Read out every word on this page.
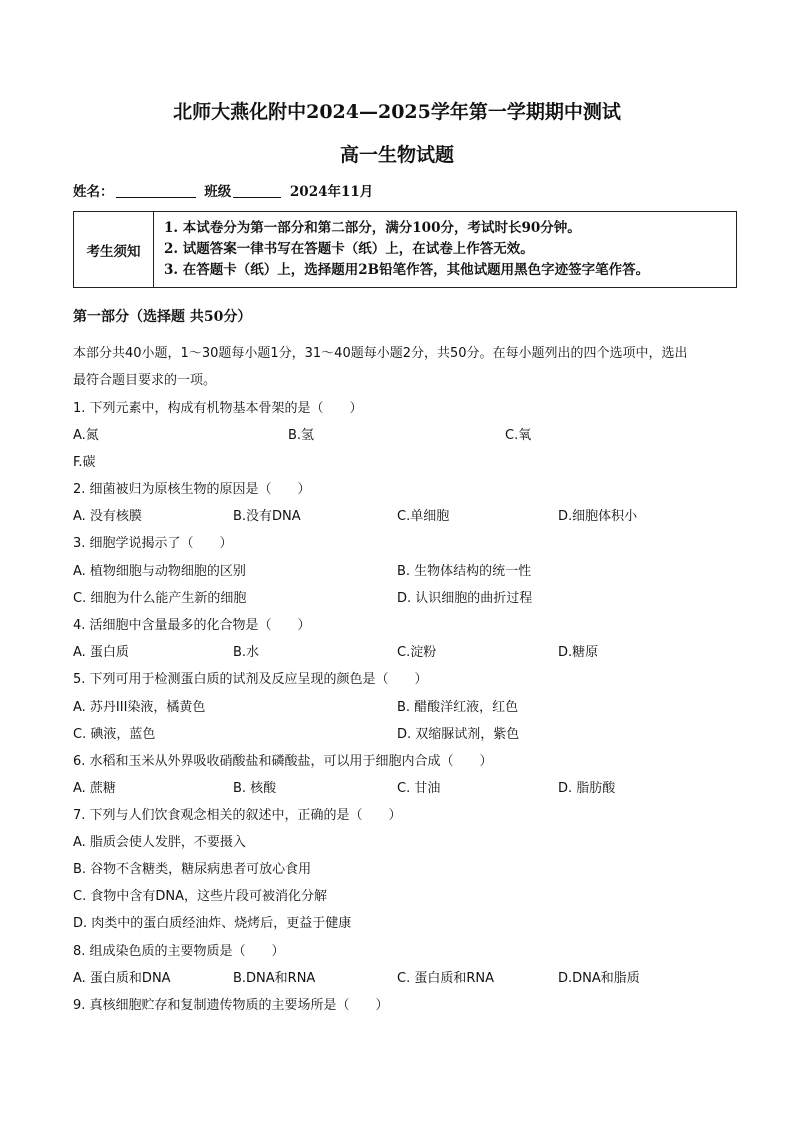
北师大燕化附中2024—2025学年第一学期期中测试
高一生物试题
姓名：	班级	2024年11月
考生须知
1. 本试卷分为第一部分和第二部分，满分100分，考试时长90分钟。
2. 试题答案一律书写在答题卡（纸）上，在试卷上作答无效。
3. 在答题卡（纸）上，选择题用2B铅笔作答，其他试题用黑色字迹签字笔作答。
第一部分（选择题 共50分）
本部分共40小题，1～30题每小题1分，31～40题每小题2分，共50分。在每小题列出的四个选项中，选出
最符合题目要求的一项。
1. 下列元素中，构成有机物基本骨架的是（　　）
A.氮	B.氢	C.氧
F.碳
2. 细菌被归为原核生物的原因是（　　）
A. 没有核膜	B.没有DNA	C.单细胞	D.细胞体积小
3. 细胞学说揭示了（　　）
A. 植物细胞与动物细胞的区别	B. 生物体结构的统一性
C. 细胞为什么能产生新的细胞	D. 认识细胞的曲折过程
4. 活细胞中含量最多的化合物是（　　）
A. 蛋白质	B.水	C.淀粉	D.糖原
5. 下列可用于检测蛋白质的试剂及反应呈现的颜色是（　　）
A. 苏丹III染液，橘黄色	B. 醋酸洋红液，红色
C. 碘液，蓝色	D. 双缩脲试剂，紫色
6. 水稻和玉米从外界吸收硝酸盐和磷酸盐，可以用于细胞内合成（　　）
A. 蔗糖	B. 核酸	C. 甘油	D. 脂肪酸
7. 下列与人们饮食观念相关的叙述中，正确的是（　　）
A. 脂质会使人发胖，不要摄入
B. 谷物不含糖类，糖尿病患者可放心食用
C. 食物中含有DNA，这些片段可被消化分解
D. 肉类中的蛋白质经油炸、烧烤后，更益于健康
8. 组成染色质的主要物质是（　　）
A. 蛋白质和DNA	B.DNA和RNA	C. 蛋白质和RNA	D.DNA和脂质
9. 真核细胞贮存和复制遗传物质的主要场所是（　　）
